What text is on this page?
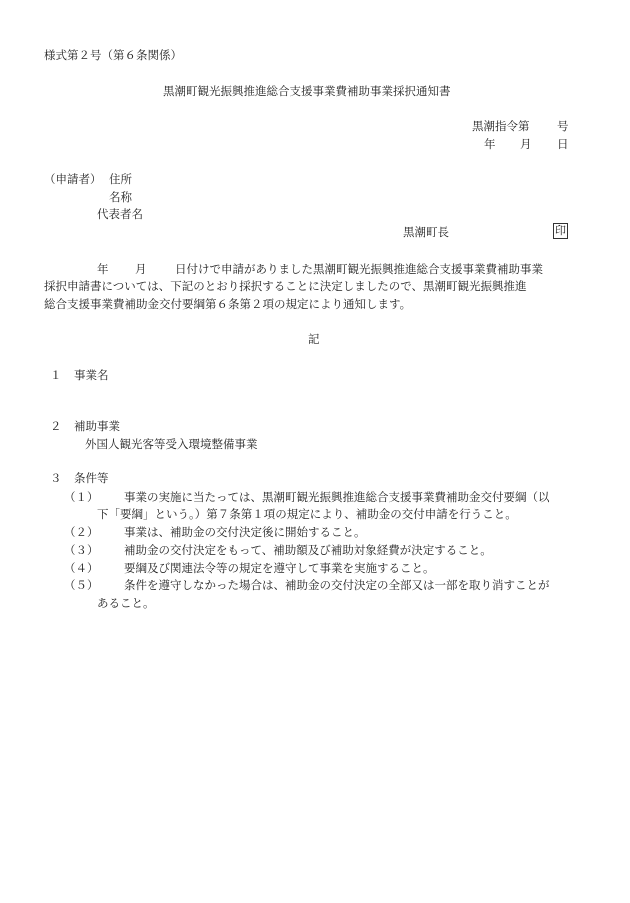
様式第２号（第６条関係）
黒潮町観光振興推進総合支援事業費補助事業採択通知書
黒潮指令第 号
年 月 日
（申請者） 住所
名称
代表者名
黒潮町長	印
年 月 日付けで申請がありました黒潮町観光振興推進総合支援事業費補助事業
採択申請書については、下記のとおり採択することに決定しましたので、黒潮町観光振興推進
総合支援事業費補助金交付要綱第６条第２項の規定により通知します。
記
１ 事業名
２ 補助事業
外国人観光客等受入環境整備事業
３ 条件等
（１） 事業の実施に当たっては、黒潮町観光振興推進総合支援事業費補助金交付要綱（以
下「要綱」という。）第７条第１項の規定により、補助金の交付申請を行うこと。
（２） 事業は、補助金の交付決定後に開始すること。
（３） 補助金の交付決定をもって、補助額及び補助対象経費が決定すること。
（４） 要綱及び関連法令等の規定を遵守して事業を実施すること。
（５） 条件を遵守しなかった場合は、補助金の交付決定の全部又は一部を取り消すことが
あること。
